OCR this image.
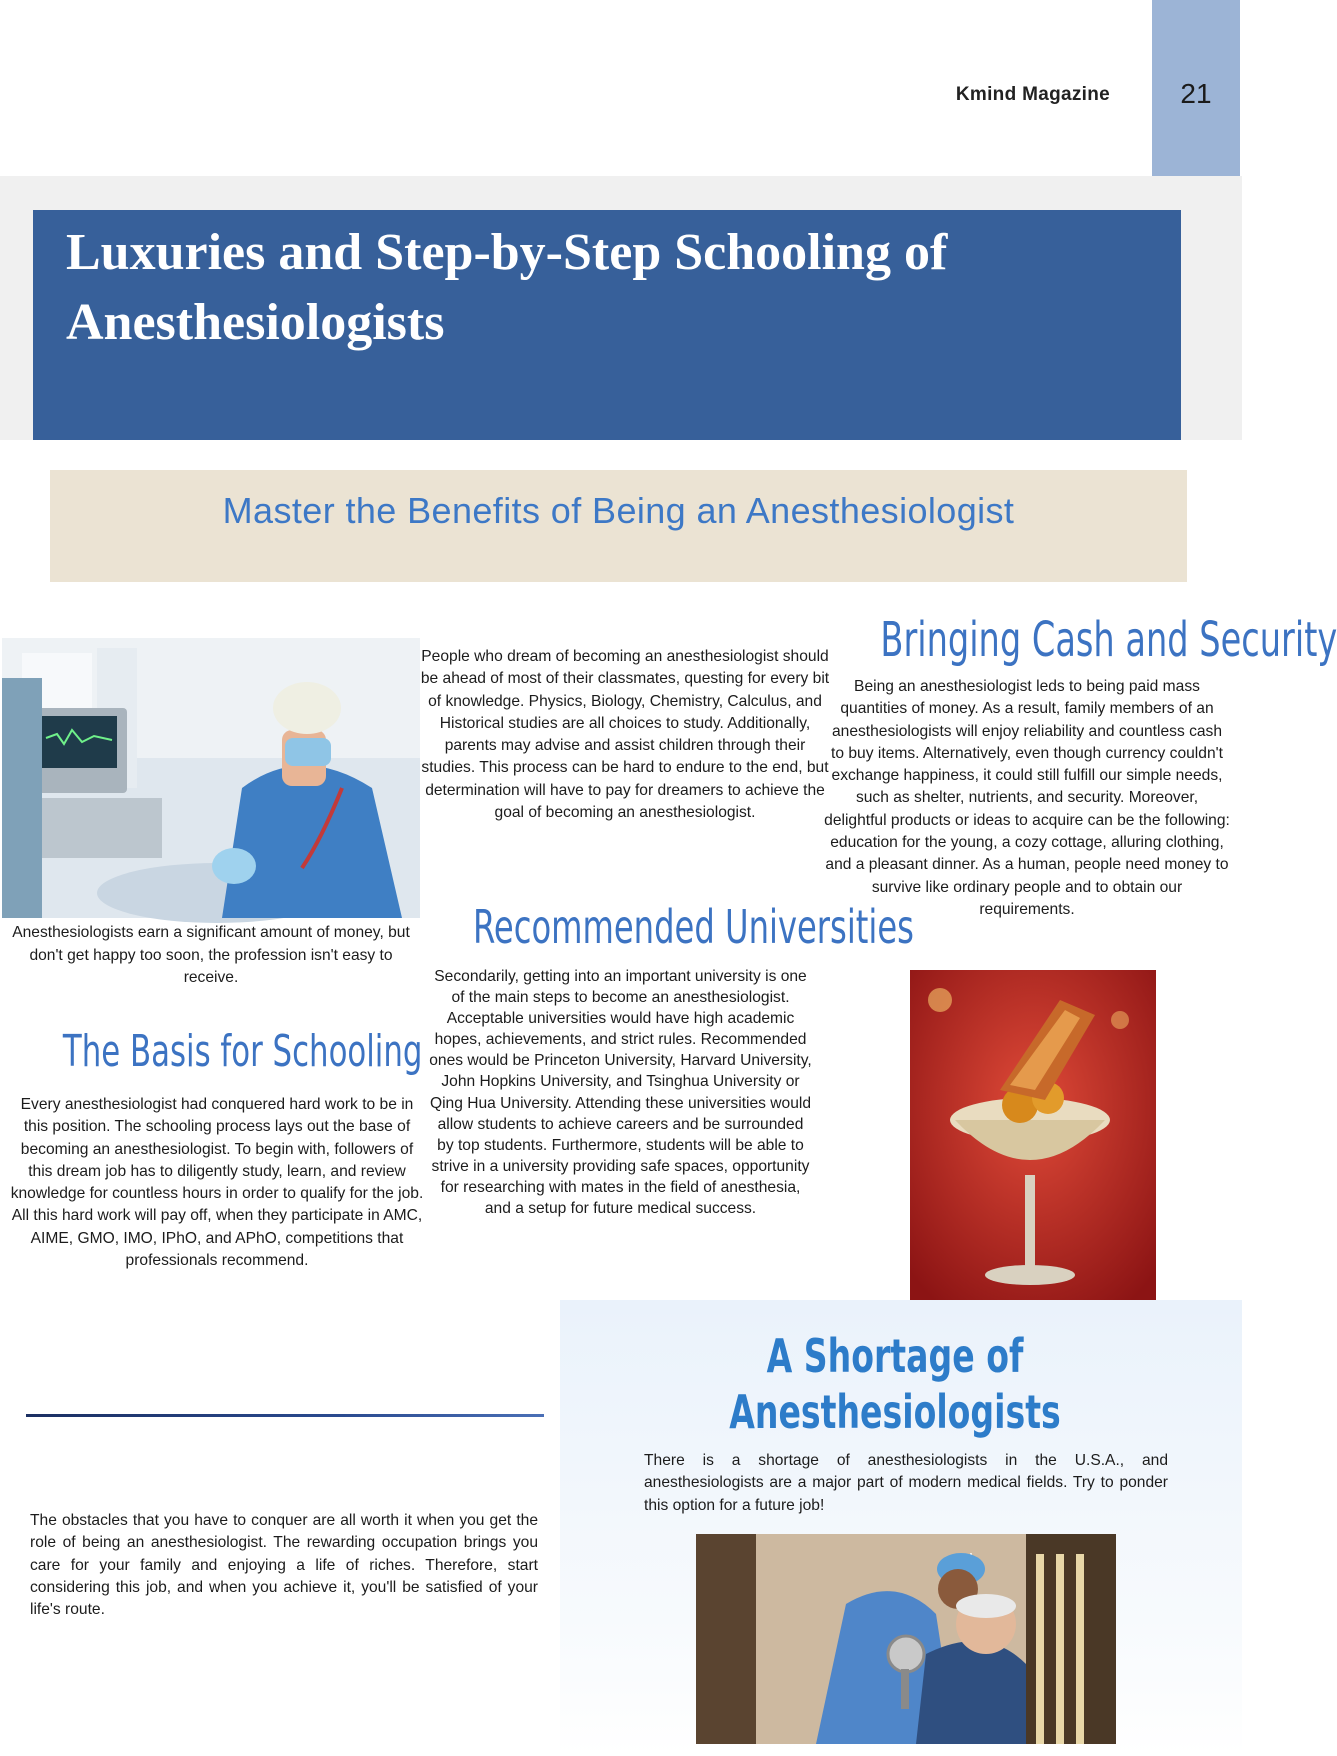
Kmind Magazine	21
Luxuries and Step-by-Step Schooling of Anesthesiologists
Master the Benefits of Being an Anesthesiologist
Anesthesiologists earn a significant amount of money, but don't get happy too soon, the profession isn't easy to receive.
The Basis for Schooling
Every anesthesiologist had conquered hard work to be in this position. The schooling process lays out the base of becoming an anesthesiologist. To begin with, followers of this dream job has to diligently study, learn, and review knowledge for countless hours in order to qualify for the job. All this hard work will pay off, when they participate in AMC, AIME, GMO, IMO, IPhO, and APhO, competitions that professionals recommend.
People who dream of becoming an anesthesiologist should be ahead of most of their classmates, questing for every bit of knowledge. Physics, Biology, Chemistry, Calculus, and Historical studies are all choices to study. Additionally, parents may advise and assist children through their studies. This process can be hard to endure to the end, but determination will have to pay for dreamers to achieve the goal of becoming an anesthesiologist.
Recommended Universities
Secondarily, getting into an important university is one of the main steps to become an anesthesiologist. Acceptable universities would have high academic hopes, achievements, and strict rules. Recommended ones would be Princeton University, Harvard University, John Hopkins University, and Tsinghua University or Qing Hua University. Attending these universities would allow students to achieve careers and be surrounded by top students. Furthermore, students will be able to strive in a university providing safe spaces, opportunity for researching with mates in the field of anesthesia, and a setup for future medical success.
Bringing Cash and Security
Being an anesthesiologist leds to being paid mass quantities of money. As a result, family members of an anesthesiologists will enjoy reliability and countless cash to buy items. Alternatively, even though currency couldn't exchange happiness, it could still fulfill our simple needs, such as shelter, nutrients, and security. Moreover, delightful products or ideas to acquire can be the following: education for the young, a cozy cottage, alluring clothing, and a pleasant dinner. As a human, people need money to survive like ordinary people and to obtain our requirements.
The obstacles that you have to conquer are all worth it when you get the role of being an anesthesiologist. The rewarding occupation brings you care for your family and enjoying a life of riches. Therefore, start considering this job, and when you achieve it, you'll be satisfied of your life's route.
A Shortage of
Anesthesiologists
There is a shortage of anesthesiologists in the U.S.A., and anesthesiologists are a major part of modern medical fields. Try to ponder this option for a future job!
